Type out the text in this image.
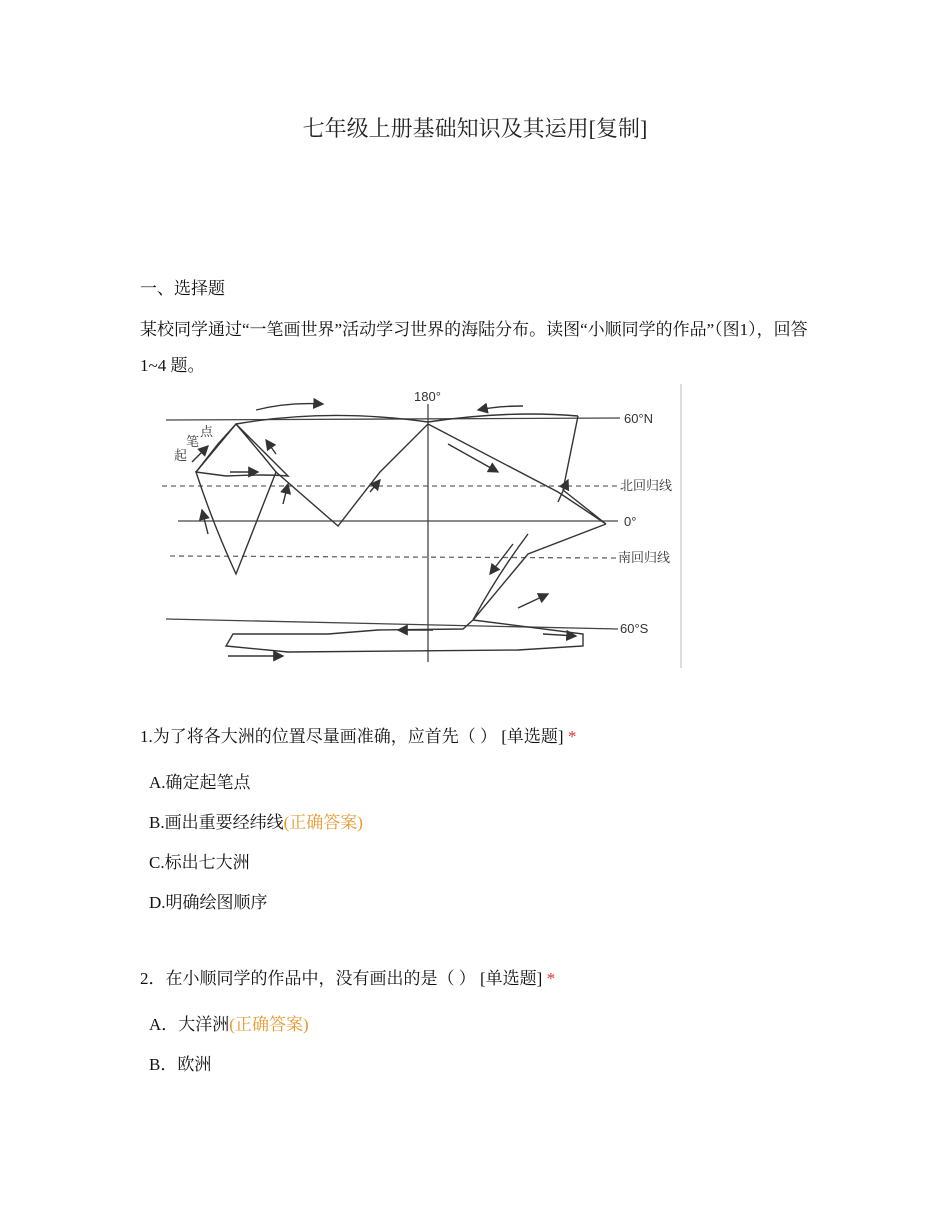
七年级上册基础知识及其运用[复制]
一、选择题
某校同学通过“一笔画世界”活动学习世界的海陆分布。读图“小顺同学的作品”（图1），回答 1~4 题。
180°
60°N
北回归线
0°
南回归线
60°S
起
笔
点
1.为了将各大洲的位置尽量画准确，应首先（ ） [单选题] *
A.确定起笔点
B.画出重要经纬线(正确答案)
C.标出七大洲
D.明确绘图顺序
2．在小顺同学的作品中，没有画出的是（ ） [单选题] *
A．大洋洲(正确答案)
B．欧洲
